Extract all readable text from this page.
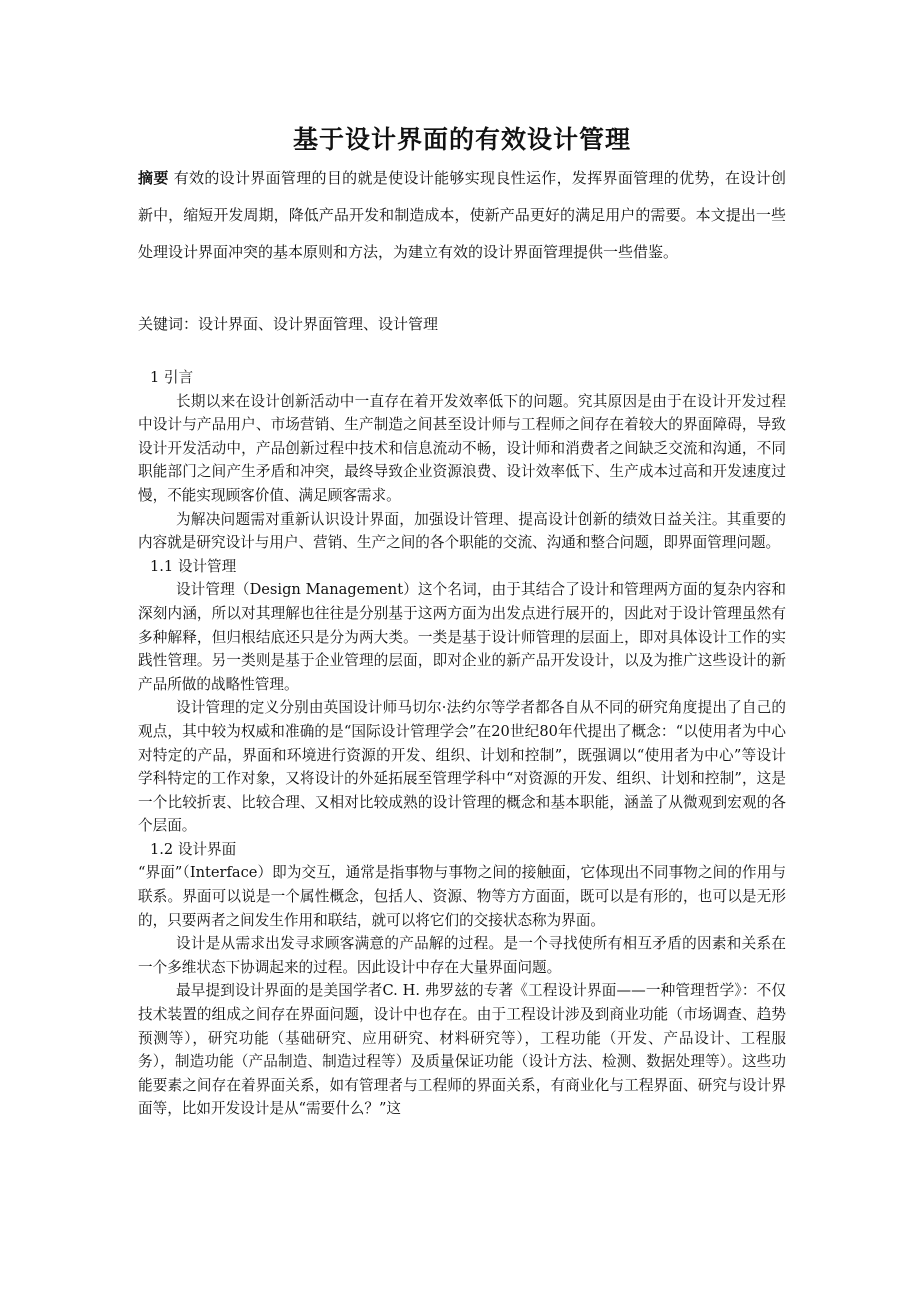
基于设计界面的有效设计管理
摘要 有效的设计界面管理的目的就是使设计能够实现良性运作，发挥界面管理的优势，在设计创新中，缩短开发周期，降低产品开发和制造成本，使新产品更好的满足用户的需要。本文提出一些处理设计界面冲突的基本原则和方法，为建立有效的设计界面管理提供一些借鉴。
关键词：设计界面、设计界面管理、设计管理

1 引言

长期以来在设计创新活动中一直存在着开发效率低下的问题。究其原因是由于在设计开发过程中设计与产品用户、市场营销、生产制造之间甚至设计师与工程师之间存在着较大的界面障碍，导致设计开发活动中，产品创新过程中技术和信息流动不畅，设计师和消费者之间缺乏交流和沟通，不同职能部门之间产生矛盾和冲突，最终导致企业资源浪费、设计效率低下、生产成本过高和开发速度过慢，不能实现顾客价值、满足顾客需求。

为解决问题需对重新认识设计界面，加强设计管理、提高设计创新的绩效日益关注。其重要的内容就是研究设计与用户、营销、生产之间的各个职能的交流、沟通和整合问题，即界面管理问题。

1.1 设计管理

设计管理（Design Management）这个名词，由于其结合了设计和管理两方面的复杂内容和深刻内涵，所以对其理解也往往是分别基于这两方面为出发点进行展开的，因此对于设计管理虽然有多种解释，但归根结底还只是分为两大类。一类是基于设计师管理的层面上，即对具体设计工作的实践性管理。另一类则是基于企业管理的层面，即对企业的新产品开发设计，以及为推广这些设计的新产品所做的战略性管理。

设计管理的定义分别由英国设计师马切尔·法约尔等学者都各自从不同的研究角度提出了自己的观点，其中较为权威和准确的是“国际设计管理学会”在20世纪80年代提出了概念：“以使用者为中心对特定的产品，界面和环境进行资源的开发、组织、计划和控制”，既强调以“使用者为中心”等设计学科特定的工作对象，又将设计的外延拓展至管理学科中“对资源的开发、组织、计划和控制”，这是一个比较折衷、比较合理、又相对比较成熟的设计管理的概念和基本职能，涵盖了从微观到宏观的各个层面。

1.2 设计界面

“界面”（Interface）即为交互，通常是指事物与事物之间的接触面，它体现出不同事物之间的作用与联系。界面可以说是一个属性概念，包括人、资源、物等方方面面，既可以是有形的，也可以是无形的，只要两者之间发生作用和联结，就可以将它们的交接状态称为界面。

设计是从需求出发寻求顾客满意的产品解的过程。是一个寻找使所有相互矛盾的因素和关系在一个多维状态下协调起来的过程。因此设计中存在大量界面问题。

最早提到设计界面的是美国学者C. H. 弗罗兹的专著《工程设计界面——一种管理哲学》：不仅技术装置的组成之间存在界面问题，设计中也存在。由于工程设计涉及到商业功能（市场调查、趋势预测等），研究功能（基础研究、应用研究、材料研究等），工程功能（开发、产品设计、工程服务），制造功能（产品制造、制造过程等）及质量保证功能（设计方法、检测、数据处理等）。这些功能要素之间存在着界面关系，如有管理者与工程师的界面关系，有商业化与工程界面、研究与设计界面等，比如开发设计是从“需要什么？”这
